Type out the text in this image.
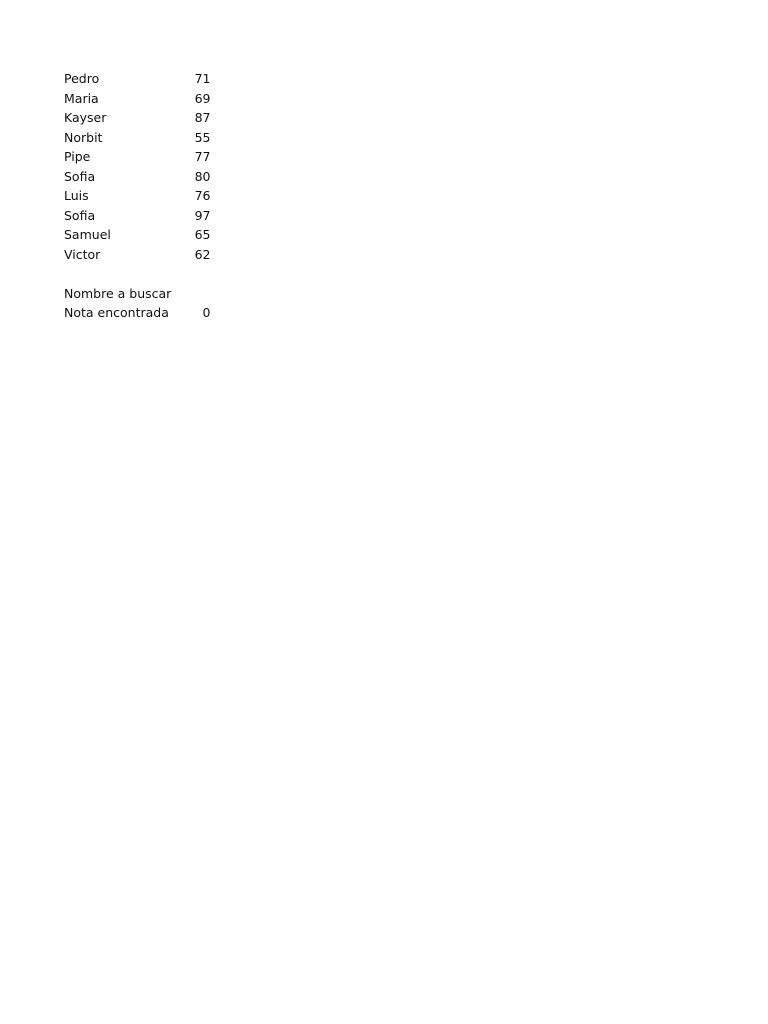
Pedro	71
Maria	69
Kayser	87
Norbit	55
Pipe	77
Sofia	80
Luis	76
Sofia	97
Samuel	65
Victor	62
Nombre a buscar
Nota encontrada	0
